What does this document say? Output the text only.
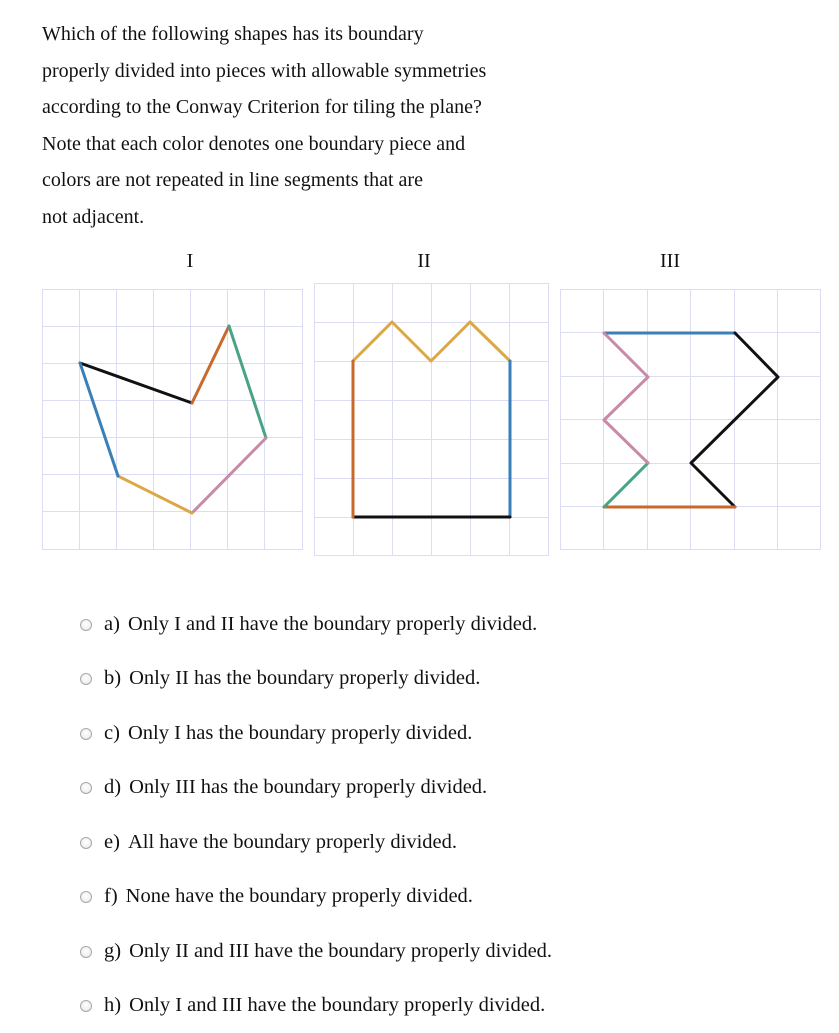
Which of the following shapes has its boundary
properly divided into pieces with allowable symmetries
according to the Conway Criterion for tiling the plane?
Note that each color denotes one boundary piece and
colors are not repeated in line segments that are
not adjacent.
I	II	III
a) Only I and II have the boundary properly divided.
b) Only II has the boundary properly divided.
c) Only I has the boundary properly divided.
d) Only III has the boundary properly divided.
e) All have the boundary properly divided.
f) None have the boundary properly divided.
g) Only II and III have the boundary properly divided.
h) Only I and III have the boundary properly divided.
